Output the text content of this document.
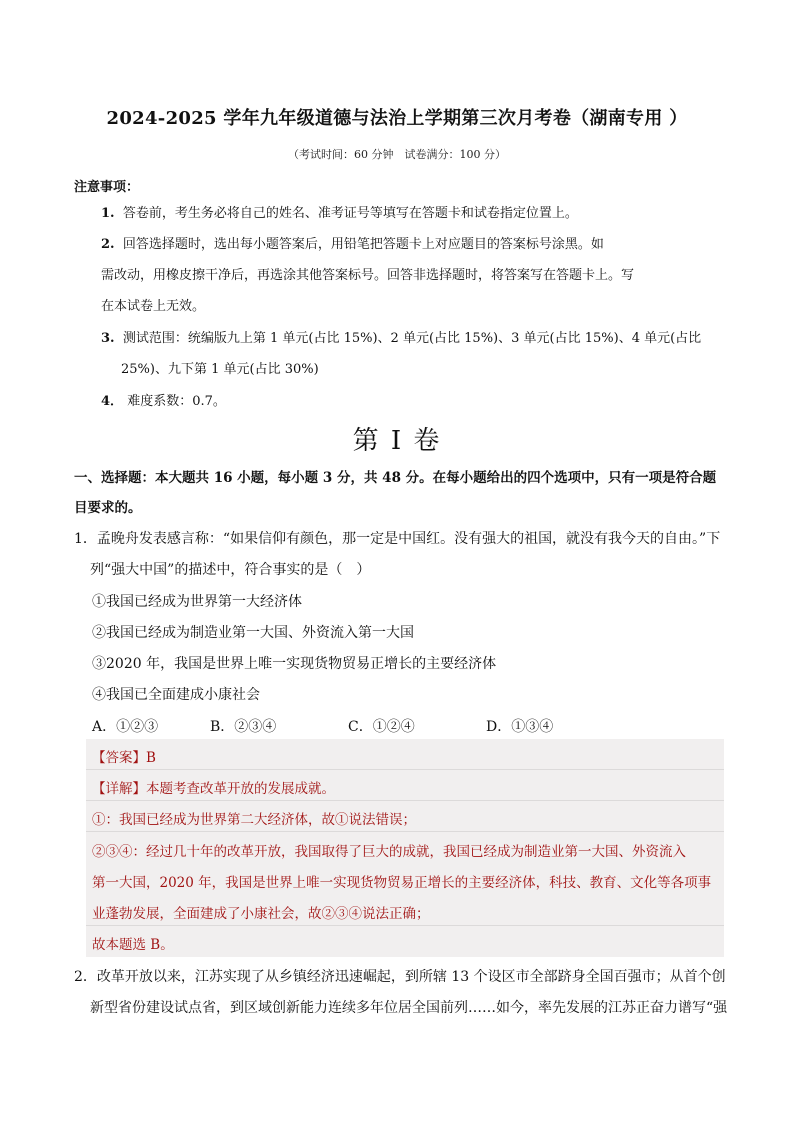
2024-2025 学年九年级道德与法治上学期第三次月考卷（湖南专用 ）
（考试时间：60 分钟　试卷满分：100 分）
注意事项：
1. 答卷前，考生务必将自己的姓名、准考证号等填写在答题卡和试卷指定位置上。
2. 回答选择题时，选出每小题答案后，用铅笔把答题卡上对应题目的答案标号涂黑。如
需改动，用橡皮擦干净后，再选涂其他答案标号。回答非选择题时，将答案写在答题卡上。写
在本试卷上无效。
3. 测试范围：统编版九上第 1 单元(占比 15%)、2 单元(占比 15%)、3 单元(占比 15%)、4 单元(占比
25%)、九下第 1 单元(占比 30%)
4． 难度系数：0.7。
第 I 卷
一、选择题：本大题共 16 小题，每小题 3 分，共 48 分。在每小题给出的四个选项中，只有一项是符合题
目要求的。
1．孟晚舟发表感言称：“如果信仰有颜色，那一定是中国红。没有强大的祖国，就没有我今天的自由。”下
列“强大中国”的描述中，符合事实的是（　）
①我国已经成为世界第一大经济体
②我国已经成为制造业第一大国、外资流入第一大国
③2020 年，我国是世界上唯一实现货物贸易正增长的主要经济体
④我国已全面建成小康社会
A．①②③	B．②③④	C．①②④	D．①③④
【答案】B
【详解】本题考查改革开放的发展成就。
①：我国已经成为世界第二大经济体，故①说法错误；
②③④：经过几十年的改革开放，我国取得了巨大的成就，我国已经成为制造业第一大国、外资流入
第一大国，2020 年，我国是世界上唯一实现货物贸易正增长的主要经济体，科技、教育、文化等各项事
业蓬勃发展，全面建成了小康社会，故②③④说法正确；
故本题选 B。
2．改革开放以来，江苏实现了从乡镇经济迅速崛起，到所辖 13 个设区市全部跻身全国百强市；从首个创
新型省份建设试点省，到区域创新能力连续多年位居全国前列……如今，率先发展的江苏正奋力谱写“强
